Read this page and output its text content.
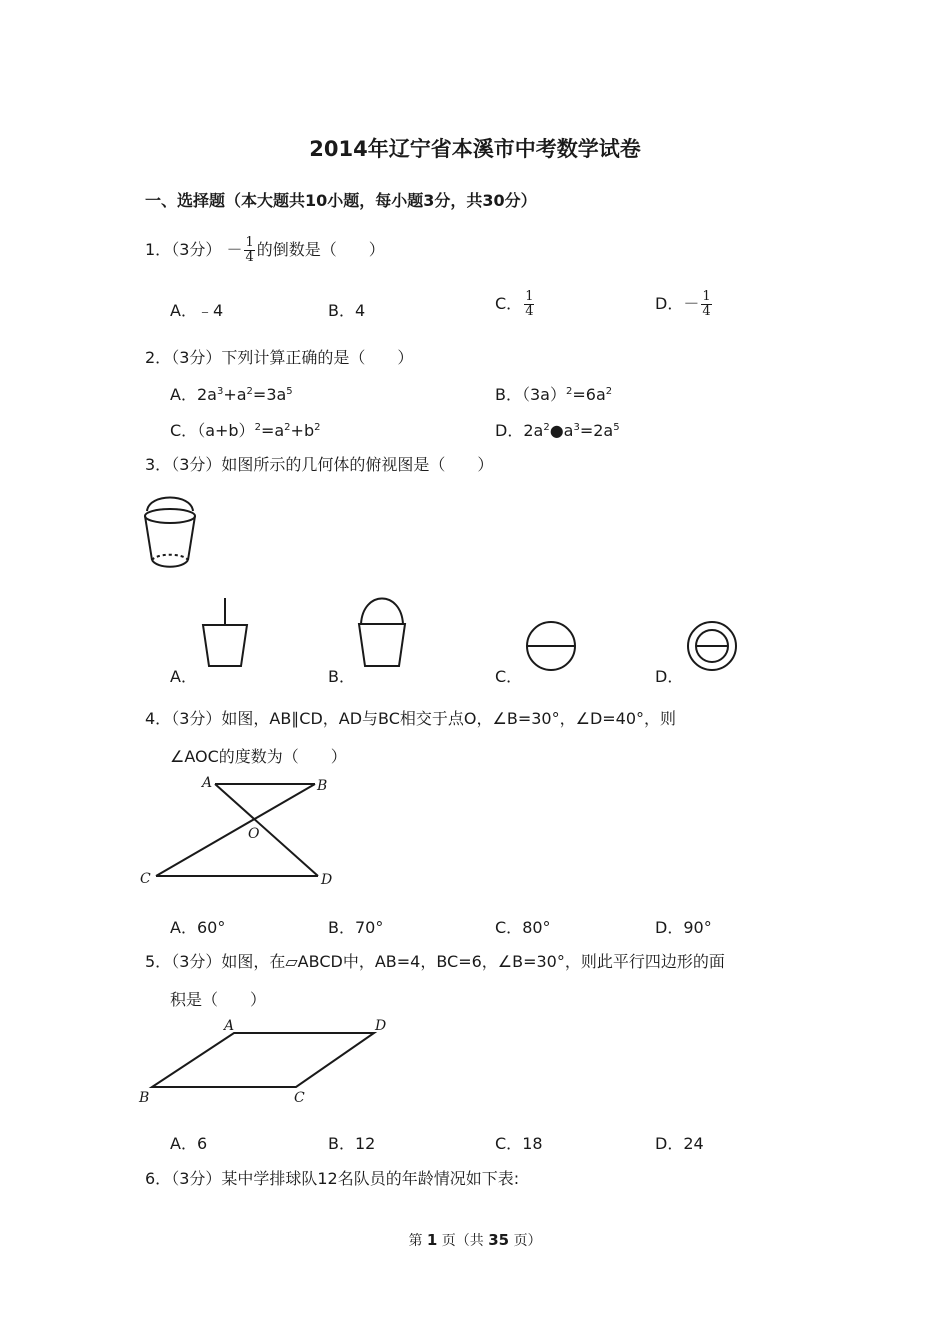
2014年辽宁省本溪市中考数学试卷
一、选择题（本大题共10小题，每小题3分，共30分）
1．（3分） － $\frac{1}{4}$ 的倒数是（　　）
A．﹣4	B．4	C． $\frac{1}{4}$	D．－ $\frac{1}{4}$
2．（3分）下列计算正确的是（　　）
A．$2a^3+a^2=3a^5$	B．$(3a)^2=6a^2$
C．$(a+b)^2=a^2+b^2$	D．$2a^2●a^3=2a^5$
3．（3分）如图所示的几何体的俯视图是（　　）
A．	B．	C．	D．
4．（3分）如图，AB∥CD，AD与BC相交于点O，∠B=30°，∠D=40°，则
∠AOC的度数为（　　）
A	B
O
C	D
A．60°	B．70°	C．80°	D．90°
5．（3分）如图，在▱ABCD中，AB=4，BC=6，∠B=30°，则此平行四边形的面
积是（　　）
A	D
B	C
A．6	B．12	C．18	D．24
6．（3分）某中学排球队12名队员的年龄情况如下表:
第 1 页（共 35 页）
